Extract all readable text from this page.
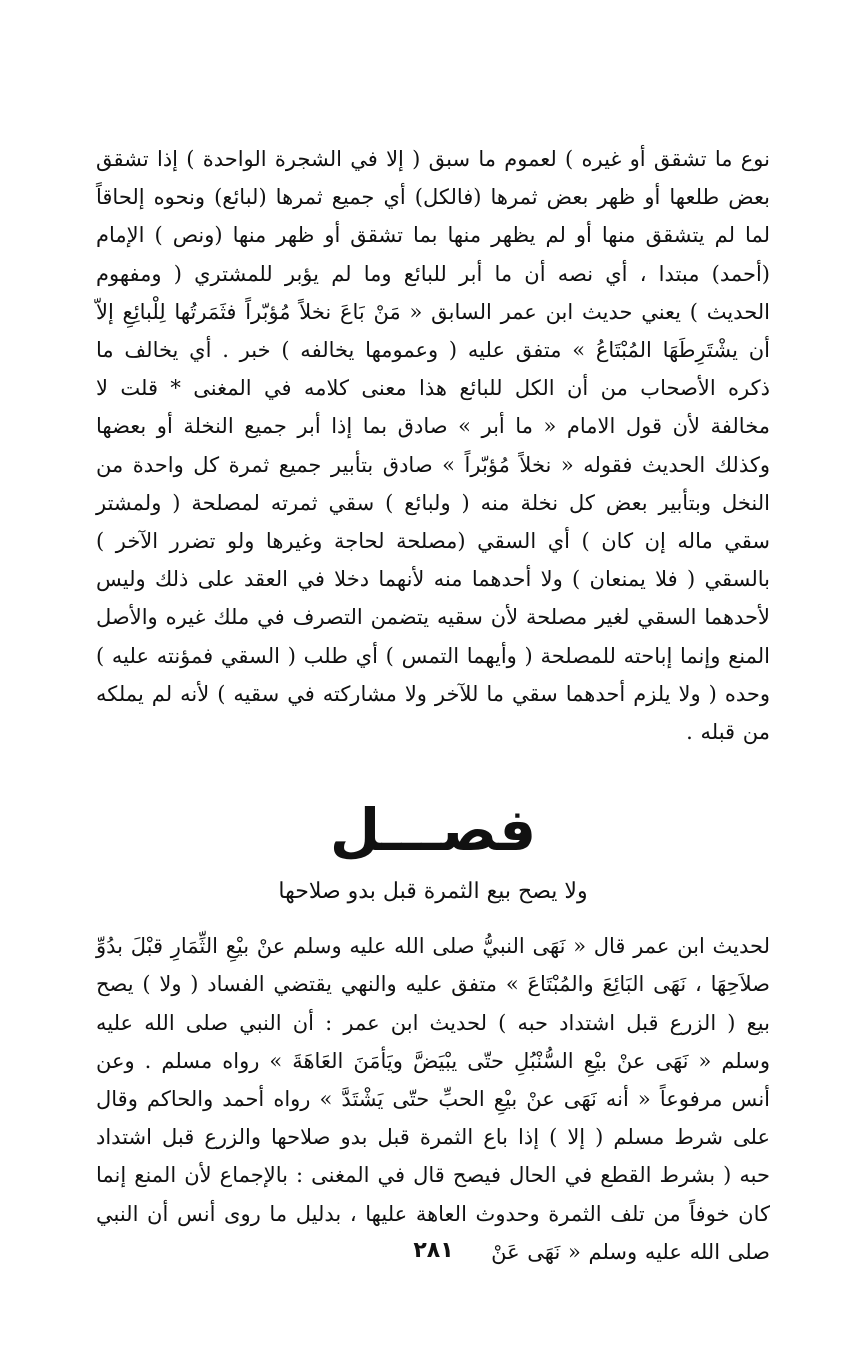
نوع ما تشقق أو غيره ) لعموم ما سبق ( إلا في الشجرة الواحدة ) إذا تشقق بعض طلعها أو ظهر بعض ثمرها (فالكل) أي جميع ثمرها (لبائع) ونحوه إلحاقاً لما لم يتشقق منها أو لم يظهر منها بما تشقق أو ظهر منها (ونص ) الإمام (أحمد) مبتدا ، أي نصه أن ما أبر للبائع وما لم يؤبر للمشتري ( ومفهوم الحديث ) يعني حديث ابن عمر السابق « مَنْ بَاعَ نخلاً مُؤبّراً فثَمَرتُها لِلْبائِعِ إلاّ أن يشْتَرِطَهَا المُبْتَاعُ » متفق عليه ( وعمومها يخالفه ) خبر . أي يخالف ما ذكره الأصحاب من أن الكل للبائع هذا معنى كلامه في المغنى * قلت لا مخالفة لأن قول الامام « ما أبر » صادق بما إذا أبر جميع النخلة أو بعضها وكذلك الحديث فقوله « نخلاً مُؤبّراً » صادق بتأبير جميع ثمرة كل واحدة من النخل وبتأبير بعض كل نخلة منه ( ولبائع ) سقي ثمرته لمصلحة ( ولمشتر سقي ماله إن كان ) أي السقي (مصلحة لحاجة وغيرها ولو تضرر الآخر ) بالسقي ( فلا يمنعان ) ولا أحدهما منه لأنهما دخلا في العقد على ذلك وليس لأحدهما السقي لغير مصلحة لأن سقيه يتضمن التصرف في ملك غيره والأصل المنع وإنما إباحته للمصلحة ( وأيهما التمس ) أي طلب ( السقي فمؤنته عليه ) وحده ( ولا يلزم أحدهما سقي ما للآخر ولا مشاركته في سقيه ) لأنه لم يملكه من قبله .

فصـــل
ولا يصح بيع الثمرة قبل بدو صلاحها

لحديث ابن عمر قال « نَهَى النبيُّ صلى الله عليه وسلم عنْ بيْعِ الثِّمَارِ قبْلَ بدُوِّ صلاَحِهَا ، نَهَى البَائِعَ والمُبْتَاعَ » متفق عليه والنهي يقتضي الفساد ( ولا ) يصح بيع ( الزرع قبل اشتداد حبه ) لحديث ابن عمر : أن النبي صلى الله عليه وسلم « نَهَى عنْ بيْعِ السُّنْبُلِ حتّى يبْيَضَّ ويَأمَنَ العَاهَةَ » رواه مسلم . وعن أنس مرفوعاً « أنه نَهَى عنْ بيْعِ الحبِّ حتّى يَشْتَدَّ » رواه أحمد والحاكم وقال على شرط مسلم ( إلا ) إذا باع الثمرة قبل بدو صلاحها والزرع قبل اشتداد حبه ( بشرط القطع في الحال فيصح قال في المغنى : بالإجماع لأن المنع إنما كان خوفاً من تلف الثمرة وحدوث العاهة عليها ، بدليل ما روى أنس أن النبي صلى الله عليه وسلم « نَهَى عَنْ

٢٨١
